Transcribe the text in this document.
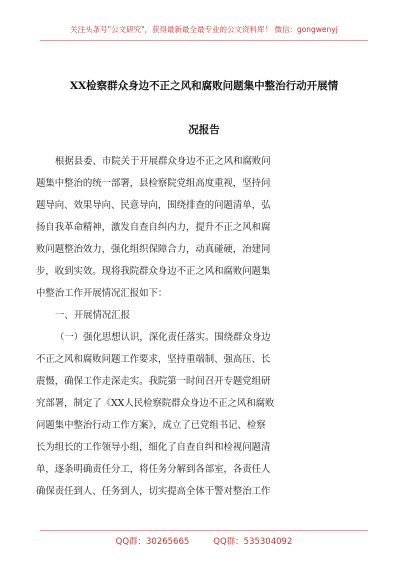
关注头条号"公文研究"，获得最新最全最专业的公文资料库！ 微信：gongwenyj
XX检察群众身边不正之风和腐败问题集中整治行动开展情
况报告
根据县委、市院关于开展群众身边不正之风和腐败问
题集中整治的统一部署，县检察院党组高度重视，坚持问
题导向、效果导向、民意导向，围绕排查的问题清单，弘
扬自我革命精神，激发自查自纠内力，提升不正之风和腐
败问题整治效力，强化组织保障合力，动真碰硬，治建同
步，收到实效。现将我院群众身边不正之风和腐败问题集
中整治工作开展情况汇报如下：
一、开展情况汇报
（一）强化思想认识，深化责任落实。围绕群众身边
不正之风和腐败问题工作要求，坚持重端制、强高压、长
震慑，确保工作走深走实。我院第一时间召开专题党组研
究部署，制定了《XX人民检察院群众身边不正之风和腐败
问题集中整治行动工作方案》，成立了已党组书记、检察
长为组长的工作领导小组，细化了自查自纠和检视问题清
单，逐条明确责任分工，将任务分解到各部室，各责任人
确保责任到人、任务到人，切实提高全体干警对整治工作
QQ群：30265665	QQ群：535304092
